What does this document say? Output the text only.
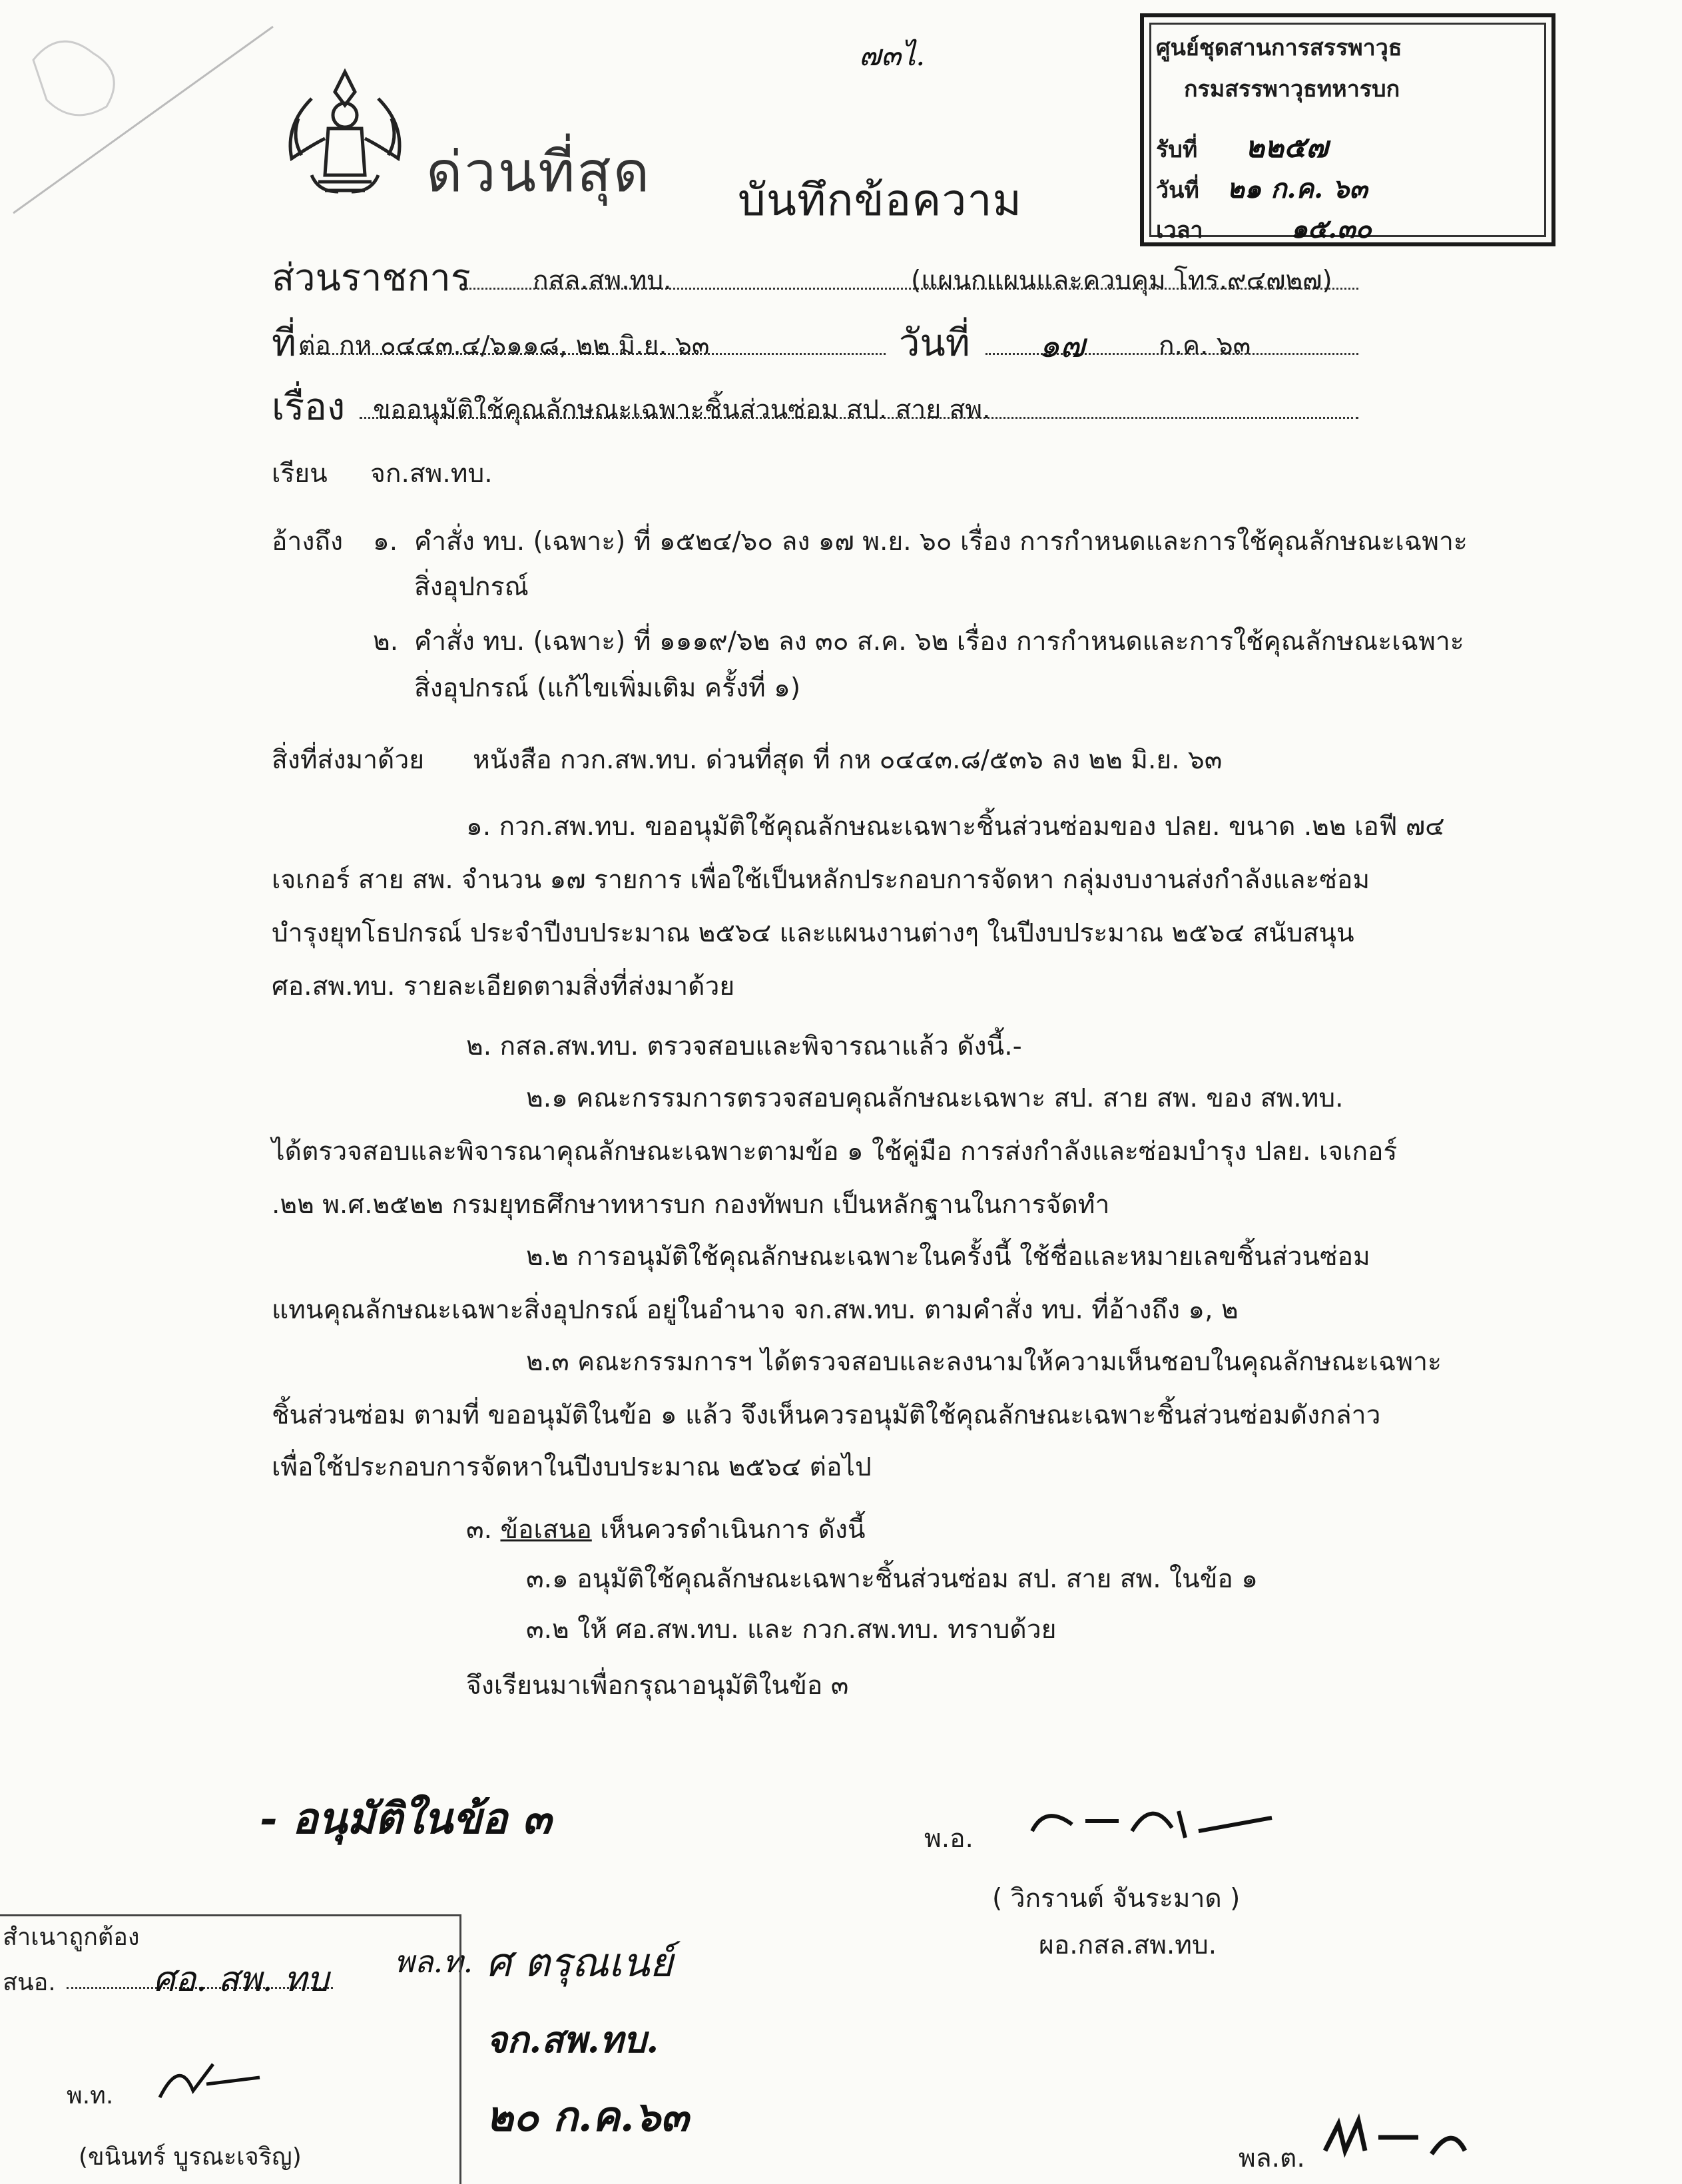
๗๓ไ.
ด่วนที่สุด บันทึกข้อความ
ศูนย์ชุดสานการสรรพาวุธ
กรมสรรพาวุธทหารบก
รับที่ ๒๒๕๗
วันที่ ๒๑ ก.ค. ๖๓
เวลา	๑๕.๓๐
ส่วนราชการ กสล.สพ.ทบ.	(แผนกแผนและควบคุม โทร.๙๔๗๒๗)
ที่ ต่อ กห ๐๔๔๓.๔/๖๑๑๘, ๒๒ มิ.ย. ๖๓	วันที่ ๑๗	ก.ค. ๖๓
เรื่อง ขออนุมัติใช้คุณลักษณะเฉพาะชิ้นส่วนซ่อม สป. สาย สพ.
เรียน จก.สพ.ทบ.
อ้างถึง ๑. คำสั่ง ทบ. (เฉพาะ) ที่ ๑๕๒๔/๖๐ ลง ๑๗ พ.ย. ๖๐ เรื่อง การกำหนดและการใช้คุณลักษณะเฉพาะ
สิ่งอุปกรณ์
๒. คำสั่ง ทบ. (เฉพาะ) ที่ ๑๑๑๙/๖๒ ลง ๓๐ ส.ค. ๖๒ เรื่อง การกำหนดและการใช้คุณลักษณะเฉพาะ
สิ่งอุปกรณ์ (แก้ไขเพิ่มเติม ครั้งที่ ๑)
สิ่งที่ส่งมาด้วย หนังสือ กวก.สพ.ทบ. ด่วนที่สุด ที่ กห ๐๔๔๓.๘/๕๓๖ ลง ๒๒ มิ.ย. ๖๓
๑. กวก.สพ.ทบ. ขออนุมัติใช้คุณลักษณะเฉพาะชิ้นส่วนซ่อมของ ปลย. ขนาด .๒๒ เอฟี ๗๔
เจเกอร์ สาย สพ. จำนวน ๑๗ รายการ เพื่อใช้เป็นหลักประกอบการจัดหา กลุ่มงบงานส่งกำลังและซ่อม
บำรุงยุทโธปกรณ์ ประจำปีงบประมาณ ๒๕๖๔ และแผนงานต่างๆ ในปีงบประมาณ ๒๕๖๔ สนับสนุน
ศอ.สพ.ทบ. รายละเอียดตามสิ่งที่ส่งมาด้วย
๒. กสล.สพ.ทบ. ตรวจสอบและพิจารณาแล้ว ดังนี้.-
๒.๑ คณะกรรมการตรวจสอบคุณลักษณะเฉพาะ สป. สาย สพ. ของ สพ.ทบ.
ได้ตรวจสอบและพิจารณาคุณลักษณะเฉพาะตามข้อ ๑ ใช้คู่มือ การส่งกำลังและซ่อมบำรุง ปลย. เจเกอร์
.๒๒ พ.ศ.๒๕๒๒ กรมยุทธศึกษาทหารบก กองทัพบก เป็นหลักฐานในการจัดทำ
๒.๒ การอนุมัติใช้คุณลักษณะเฉพาะในครั้งนี้ ใช้ชื่อและหมายเลขชิ้นส่วนซ่อม
แทนคุณลักษณะเฉพาะสิ่งอุปกรณ์ อยู่ในอำนาจ จก.สพ.ทบ. ตามคำสั่ง ทบ. ที่อ้างถึง ๑, ๒
๒.๓ คณะกรรมการฯ ได้ตรวจสอบและลงนามให้ความเห็นชอบในคุณลักษณะเฉพาะ
ชิ้นส่วนซ่อม ตามที่ ขออนุมัติในข้อ ๑ แล้ว จึงเห็นควรอนุมัติใช้คุณลักษณะเฉพาะชิ้นส่วนซ่อมดังกล่าว
เพื่อใช้ประกอบการจัดหาในปีงบประมาณ ๒๕๖๔ ต่อไป
๓. ข้อเสนอ เห็นควรดำเนินการ ดังนี้
๓.๑ อนุมัติใช้คุณลักษณะเฉพาะชิ้นส่วนซ่อม สป. สาย สพ. ในข้อ ๑
๓.๒ ให้ ศอ.สพ.ทบ. และ กวก.สพ.ทบ. ทราบด้วย
จึงเรียนมาเพื่อกรุณาอนุมัติในข้อ ๓
- อนุมัติในข้อ ๓	พ.อ.
( วิกรานต์ จันระมาด )
ผอ.กสล.สพ.ทบ.
พล.ท. ศ ตรุณเนย์
จก.สพ.ทบ.
๒๐ ก.ค.๖๓
สำเนาถูกต้อง
สนอ.	ศอ. สพ. ทบ
พ.ท.
(ขนินทร์ บูรณะเจริญ)	พล.ต.
